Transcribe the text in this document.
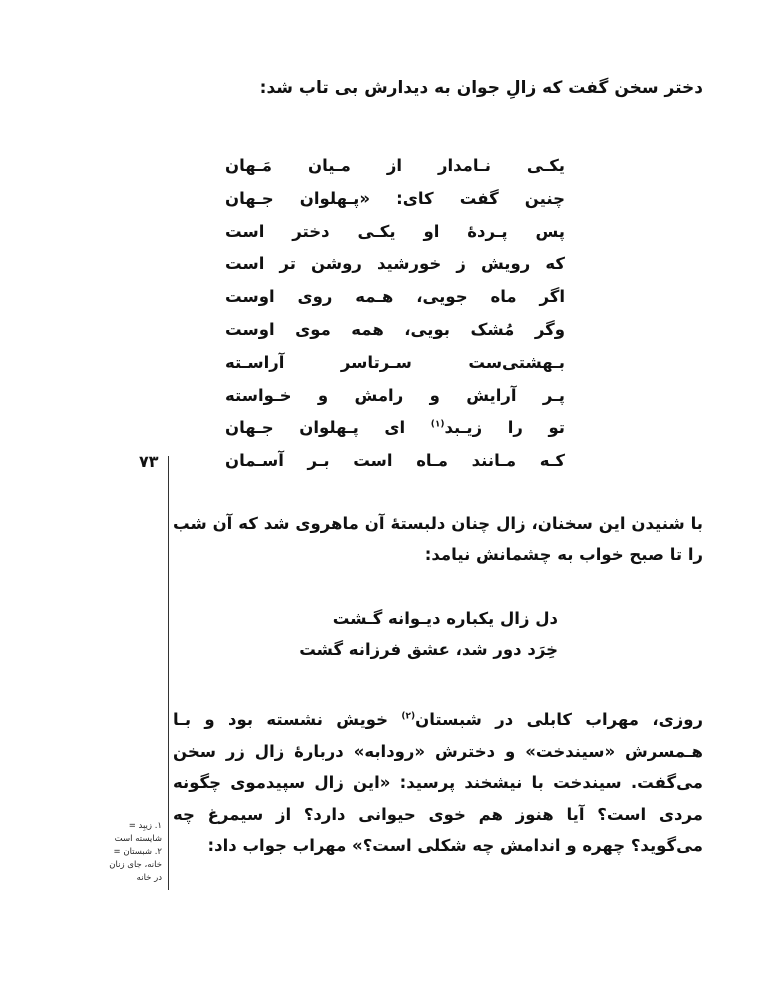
دختر سخن گفت که زالِ جوان به دیدارش بی تاب شد:
یکـی نـامدار از مـیان مَـهان
چنین گفت کای: «پـهلوان جـهان
پس پـردهٔ او یکـی دختر است
که رویش ز خورشید روشن تر است
اگر ماه جویی، هـمه روی اوست
وگر مُشک بویی، همه موی اوست
بـهشتی‌ست سـرتاسر آراسـته
پـر آرایش و رامش و خـواسته
تو را زیـبد$^{(۱)}$ ای پـهلوان جـهان
کـه مـانند مـاه است بـر آسـمان
۷۳
با شنیدن این سخنان، زال چنان دلبستهٔ آن ماهروی شد که آن شب را تا صبح خواب به چشمانش نیامد:
دل زال یکباره دیـوانه گـشت
خِرَد دور شد، عشق فرزانه گشت
روزی، مهراب کابلی در شبستان$^{(۲)}$ خویش نشسته بود و بـا هـمسرش «سیندخت» و دخترش «رودابه» دربارهٔ زال زر سخن می‌گفت. سیندخت با نیشخند پرسید: «این زال سپیدموی چگونه مردی است؟ آیا هنوز هم خوی حیوانی دارد؟ از سیمرغ چه می‌گوید؟ چهره و اندامش چه شکلی است؟» مهراب جواب داد:
۱. زیبِد = شایسته است
۲. شبستان = خانه، جای زنان در خانه
